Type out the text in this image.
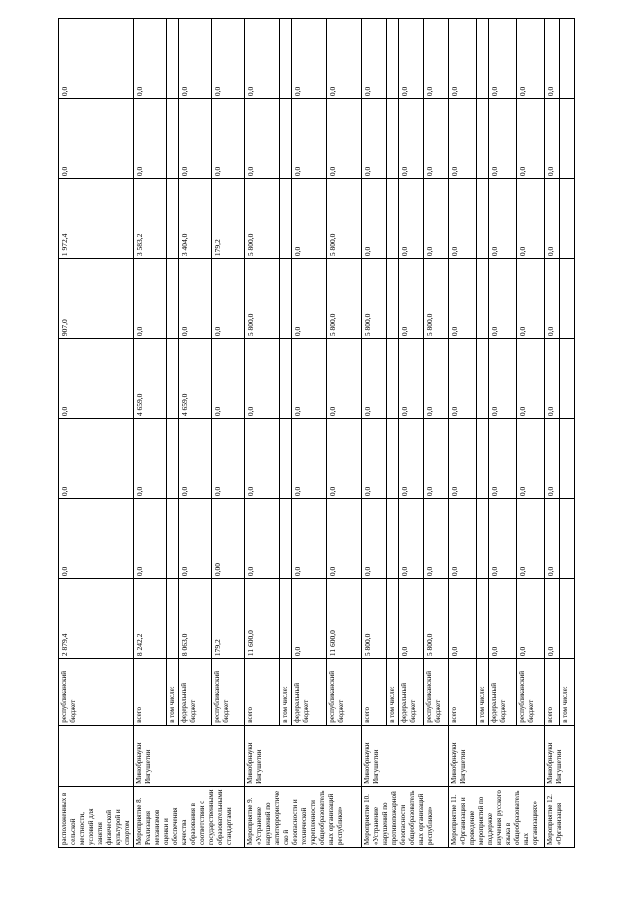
расположенных в сельской местности, условий для занятия физической культурой и спортом		республиканский бюджет	2 879,4	0,0	0,0	0,0	907,0	1 972,4	0,0	0,0
Мероприятие 8. Реализация механизмов оценки и обеспечения качества образования в соответствии с государственными образовательными стандартами	Минобрнауки Ингушетии	всего	8 242,2	0,0	0,0	4 659,0	0,0	3 583,2	0,0	0,0
		в том числе:								
		федеральный бюджет	8 063,0	0,0	0,0	4 659,0	0,0	3 404,0	0,0	0,0
		республиканский бюджет	179,2	0,00	0,0	0,0	0,0	179,2	0,0	0,0
Мероприятие 9. «Устранение нарушений по антитеррористическо й безопасности и технической укрепленности общеобразовательных организаций республики»	Минобрнауки Ингушетии	всего	11 600,0	0,0	0,0	0,0	5 800,0	5 800,0	0,0	0,0
		в том числе:								
		федеральный бюджет	0,0	0,0	0,0	0,0	0,0	0,0	0,0	0,0
		республиканский бюджет	11 600,0	0,0	0,0	0,0	5 800,0	5 800,0	0,0	0,0
Мероприятие 10. «Устранение нарушений по противопожарной безопасности общеобразовательных организаций республики»	Минобрнауки Ингушетии	всего	5 800,0	0,0	0,0	0,0	5 800,0	0,0	0,0	0,0
		в том числе:								
		федеральный бюджет	0,0	0,0	0,0	0,0	0,0	0,0	0,0	0,0
		республиканский бюджет	5 800,0	0,0	0,0	0,0	5 800,0	0,0	0,0	0,0
Мероприятие 11. «Организация и проведение мероприятий по поддержке изучения русского языка в общеобразовательных организациях»	Минобрнауки Ингушетии	всего	0,0	0,0	0,0	0,0	0,0	0,0	0,0	0,0
		в том числе:								
		федеральный бюджет	0,0	0,0	0,0	0,0	0,0	0,0	0,0	0,0
		республиканский бюджет	0,0	0,0	0,0	0,0	0,0	0,0	0,0	0,0
Мероприятие 12. «Организация	Минобрнауки Ингушетии	всего	0,0	0,0	0,0	0,0	0,0	0,0	0,0	0,0
		в том числе:								
